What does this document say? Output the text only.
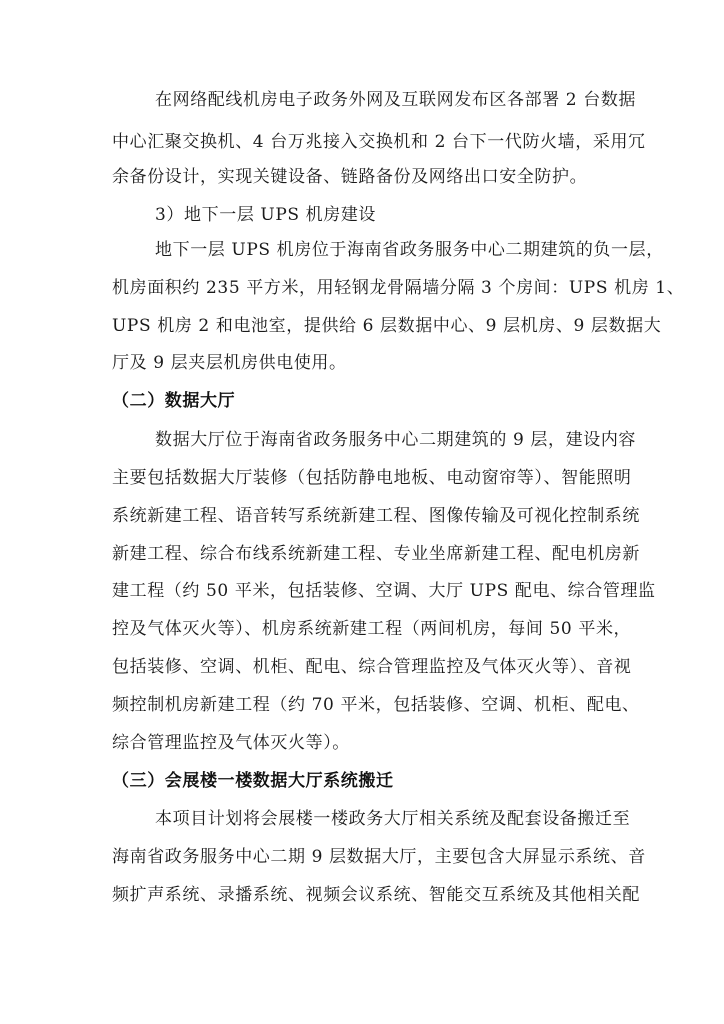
在网络配线机房电子政务外网及互联网发布区各部署 2 台数据
中心汇聚交换机、4 台万兆接入交换机和 2 台下一代防火墙，采用冗
余备份设计，实现关键设备、链路备份及网络出口安全防护。
3）地下一层 UPS 机房建设
地下一层 UPS 机房位于海南省政务服务中心二期建筑的负一层，
机房面积约 235 平方米，用轻钢龙骨隔墙分隔 3 个房间：UPS 机房 1、
UPS 机房 2 和电池室，提供给 6 层数据中心、9 层机房、9 层数据大
厅及 9 层夹层机房供电使用。
（二）数据大厅
数据大厅位于海南省政务服务中心二期建筑的 9 层，建设内容
主要包括数据大厅装修（包括防静电地板、电动窗帘等）、智能照明
系统新建工程、语音转写系统新建工程、图像传输及可视化控制系统
新建工程、综合布线系统新建工程、专业坐席新建工程、配电机房新
建工程（约 50 平米，包括装修、空调、大厅 UPS 配电、综合管理监
控及气体灭火等）、机房系统新建工程（两间机房，每间 50 平米，
包括装修、空调、机柜、配电、综合管理监控及气体灭火等）、音视
频控制机房新建工程（约 70 平米，包括装修、空调、机柜、配电、
综合管理监控及气体灭火等）。
（三）会展楼一楼数据大厅系统搬迁
本项目计划将会展楼一楼政务大厅相关系统及配套设备搬迁至
海南省政务服务中心二期 9 层数据大厅，主要包含大屏显示系统、音
频扩声系统、录播系统、视频会议系统、智能交互系统及其他相关配
